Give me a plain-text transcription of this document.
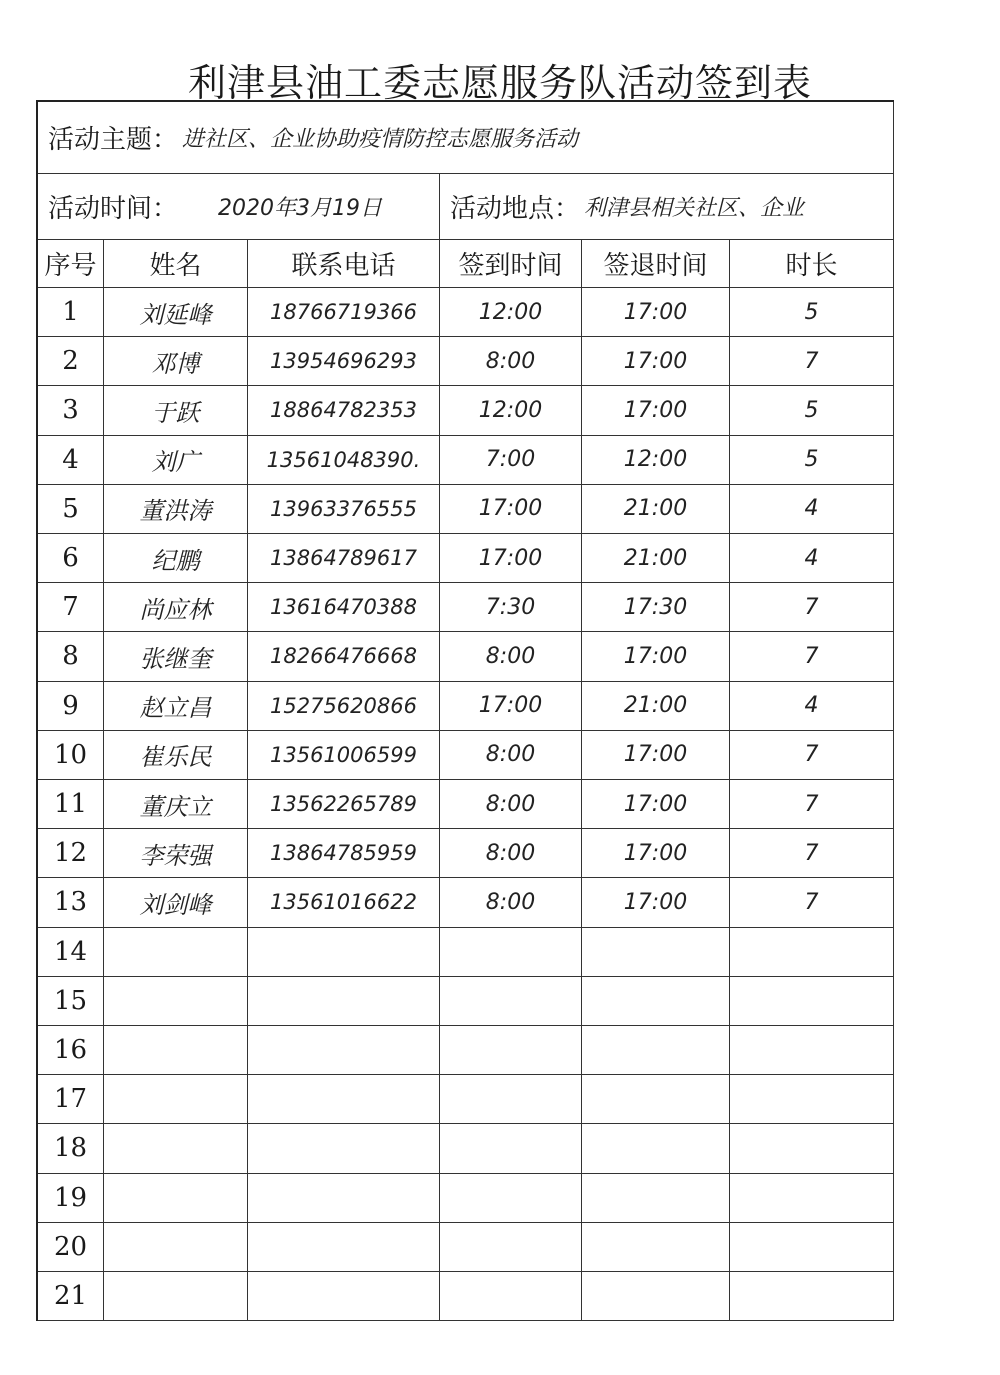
利津县油工委志愿服务队活动签到表
活动主题： 进社区、企业协助疫情防控志愿服务活动
活动时间： 2020年3月19日	活动地点： 利津县相关社区、企业
序号	姓名	联系电话	签到时间	签退时间	时长
1	刘延峰	18766719366	12:00	17:00	5
2	邓博	13954696293	8:00	17:00	7
3	于跃	18864782353	12:00	17:00	5
4	刘广	13561048390.	7:00	12:00	5
5	董洪涛	13963376555	17:00	21:00	4
6	纪鹏	13864789617	17:00	21:00	4
7	尚应林	13616470388	7:30	17:30	7
8	张继奎	18266476668	8:00	17:00	7
9	赵立昌	15275620866	17:00	21:00	4
10	崔乐民	13561006599	8:00	17:00	7
11	董庆立	13562265789	8:00	17:00	7
12	李荣强	13864785959	8:00	17:00	7
13	刘剑峰	13561016622	8:00	17:00	7
14
15
16
17
18
19
20
21
